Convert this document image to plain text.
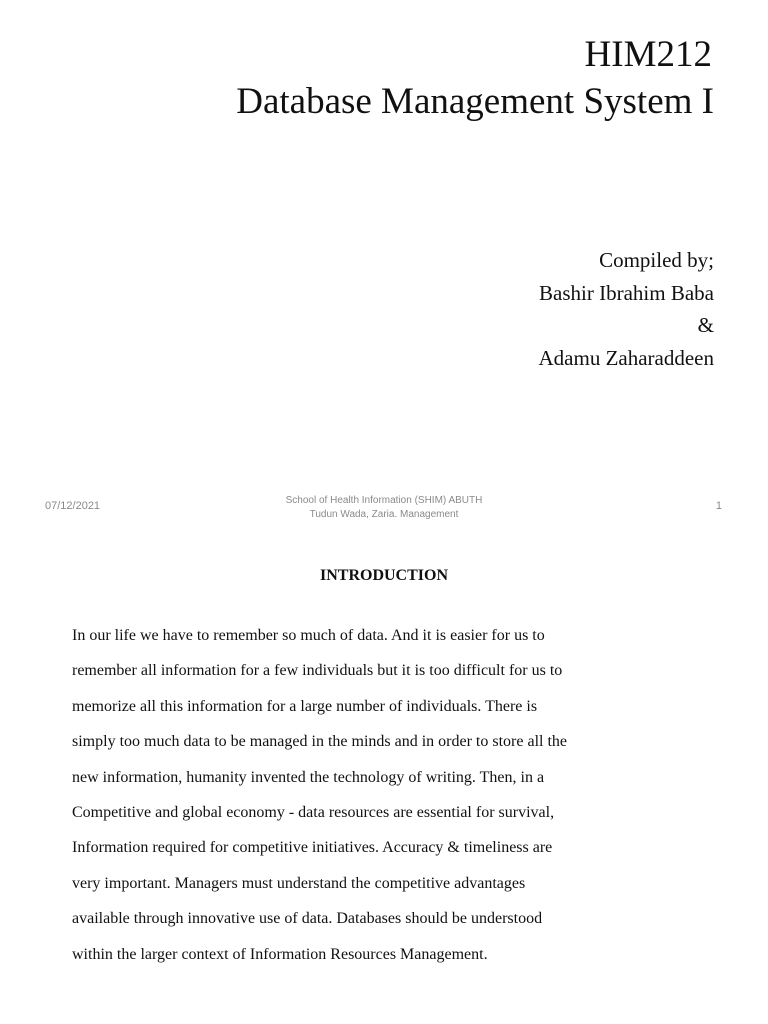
HIM212
Database Management System I
Compiled by;
Bashir Ibrahim Baba
&
Adamu Zaharaddeen
07/12/2021	School of Health Information (SHIM) ABUTH
Tudun Wada, Zaria. Management
1
INTRODUCTION
In our life we have to remember so much of data. And it is easier for us to
remember all information for a few individuals but it is too difficult for us to
memorize all this information for a large number of individuals. There is
simply too much data to be managed in the minds and in order to store all the
new information, humanity invented the technology of writing. Then, in a
Competitive and global economy - data resources are essential for survival,
Information required for competitive initiatives. Accuracy & timeliness are
very important. Managers must understand the competitive advantages
available through innovative use of data. Databases should be understood
within the larger context of Information Resources Management.
